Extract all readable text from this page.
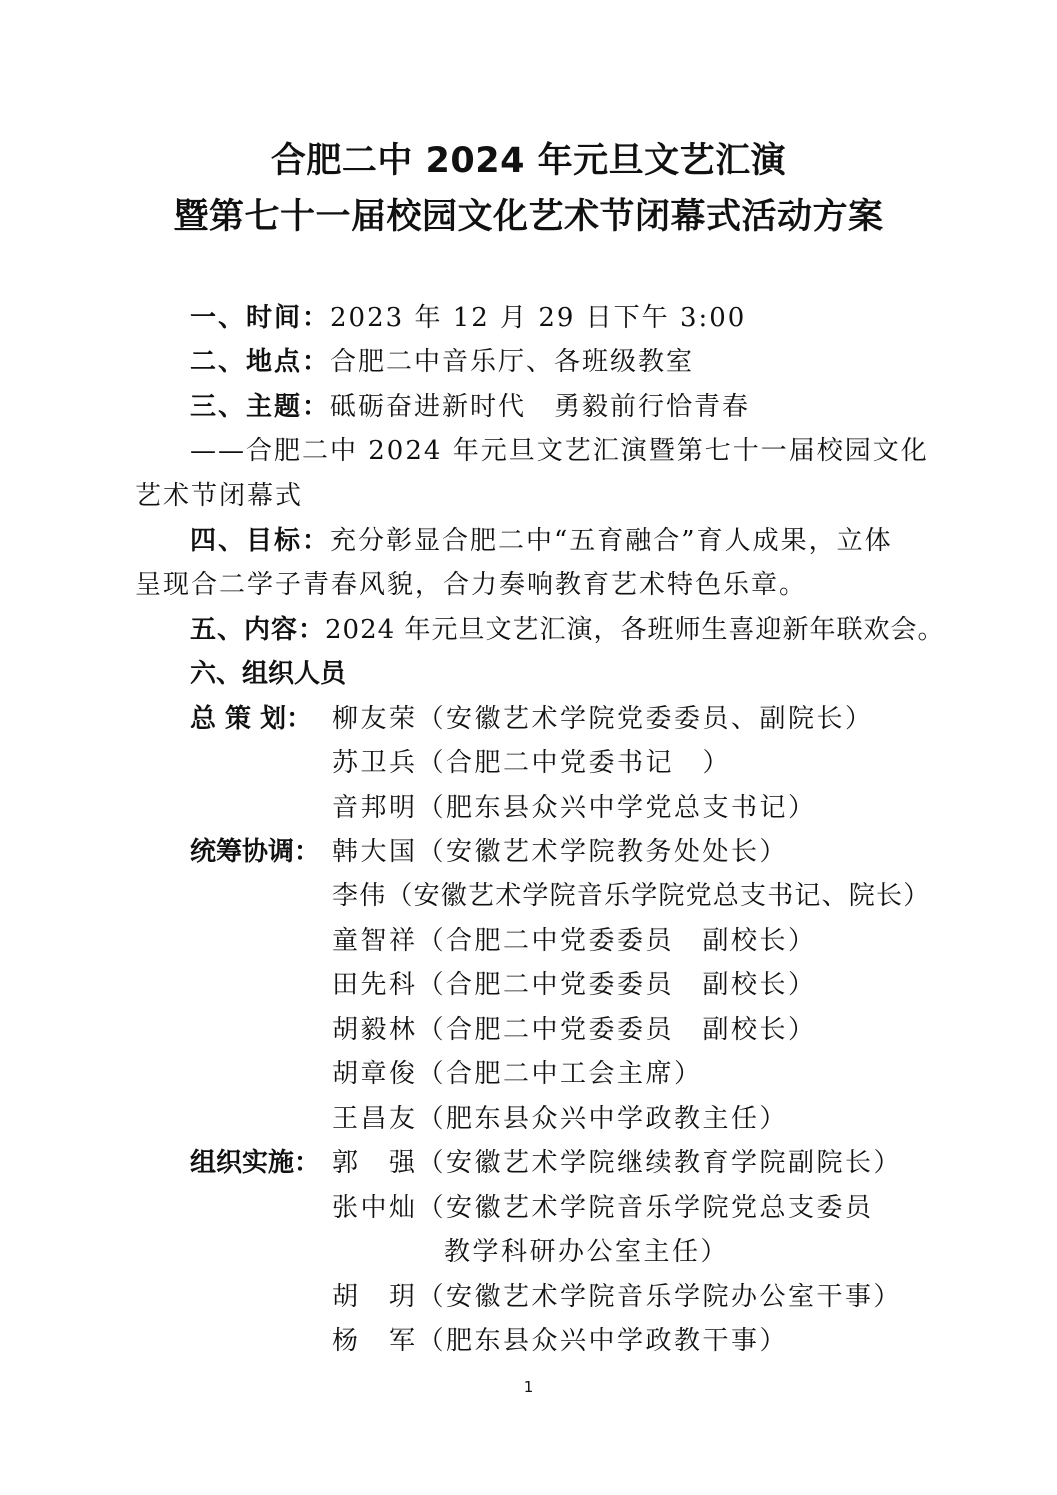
合肥二中 2024 年元旦文艺汇演
暨第七十一届校园文化艺术节闭幕式活动方案
一、时间：2023 年 12 月 29 日下午 3:00
二、地点：合肥二中音乐厅、各班级教室
三、主题：砥砺奋进新时代　勇毅前行恰青春
——合肥二中 2024 年元旦文艺汇演暨第七十一届校园文化
艺术节闭幕式
四、目标：充分彰显合肥二中“五育融合”育人成果，立体
呈现合二学子青春风貌，合力奏响教育艺术特色乐章。
五、内容：2024 年元旦文艺汇演，各班师生喜迎新年联欢会。
六、组织人员
总 策 划： 柳友荣（安徽艺术学院党委委员、副院长）
苏卫兵（合肥二中党委书记　）
音邦明（肥东县众兴中学党总支书记）
统筹协调： 韩大国（安徽艺术学院教务处处长）
李伟（安徽艺术学院音乐学院党总支书记、院长）
童智祥（合肥二中党委委员　副校长）
田先科（合肥二中党委委员　副校长）
胡毅林（合肥二中党委委员　副校长）
胡章俊（合肥二中工会主席）
王昌友（肥东县众兴中学政教主任）
组织实施： 郭　强（安徽艺术学院继续教育学院副院长）
张中灿（安徽艺术学院音乐学院党总支委员
教学科研办公室主任）
胡　玥（安徽艺术学院音乐学院办公室干事）
杨　军（肥东县众兴中学政教干事）
1
